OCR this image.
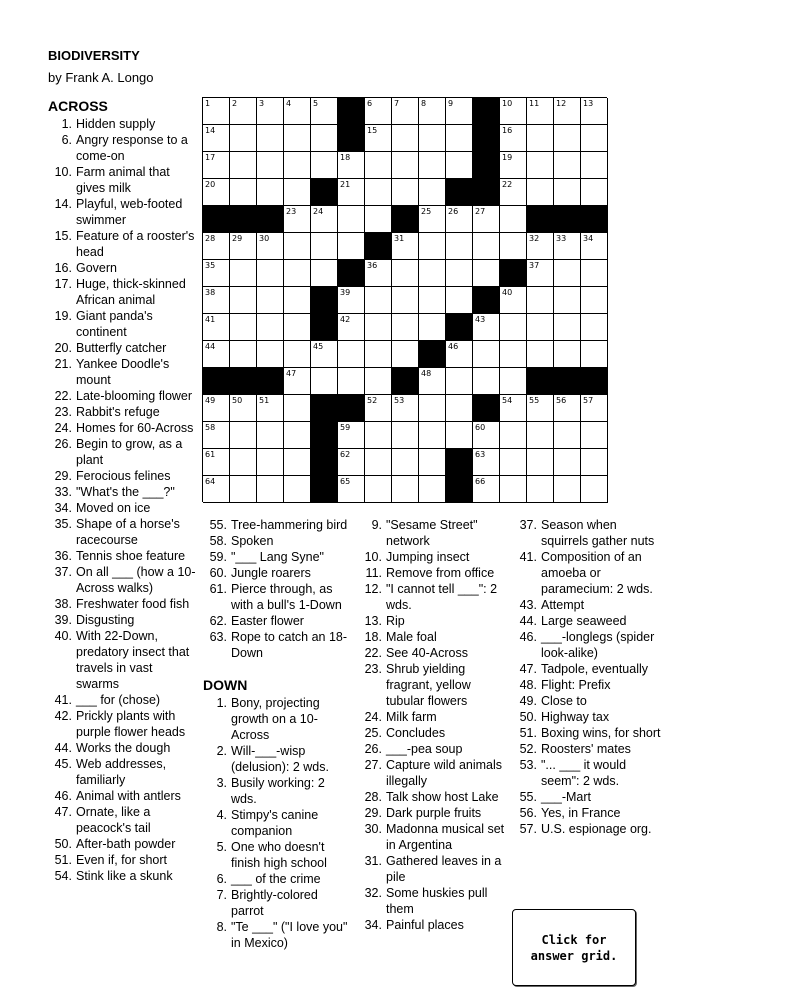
BIODIVERSITY
by Frank A. Longo
ACROSS
1. Hidden supply
6. Angry response to a come-on
10. Farm animal that gives milk
14. Playful, web-footed swimmer
15. Feature of a rooster's head
16. Govern
17. Huge, thick-skinned African animal
19. Giant panda's continent
20. Butterfly catcher
21. Yankee Doodle's mount
22. Late-blooming flower
23. Rabbit's refuge
24. Homes for 60-Across
26. Begin to grow, as a plant
29. Ferocious felines
33. "What's the ___?"
34. Moved on ice
35. Shape of a horse's racecourse
36. Tennis shoe feature
37. On all ___ (how a 10-Across walks)
38. Freshwater food fish
39. Disgusting
40. With 22-Down, predatory insect that travels in vast swarms
41. ___ for (chose)
42. Prickly plants with purple flower heads
44. Works the dough
45. Web addresses, familiarly
46. Animal with antlers
47. Ornate, like a peacock's tail
50. After-bath powder
51. Even if, for short
54. Stink like a skunk
55. Tree-hammering bird
58. Spoken
59. "___ Lang Syne"
60. Jungle roarers
61. Pierce through, as with a bull's 1-Down
62. Easter flower
63. Rope to catch an 18-Down
DOWN
1. Bony, projecting growth on a 10-Across
2. Will-___-wisp (delusion): 2 wds.
3. Busily working: 2 wds.
4. Stimpy's canine companion
5. One who doesn't finish high school
6. ___ of the crime
7. Brightly-colored parrot
8. "Te ___" ("I love you" in Mexico)
9. "Sesame Street" network
10. Jumping insect
11. Remove from office
12. "I cannot tell ___": 2 wds.
13. Rip
18. Male foal
22. See 40-Across
23. Shrub yielding fragrant, yellow tubular flowers
24. Milk farm
25. Concludes
26. ___-pea soup
27. Capture wild animals illegally
28. Talk show host Lake
29. Dark purple fruits
30. Madonna musical set in Argentina
31. Gathered leaves in a pile
32. Some huskies pull them
34. Painful places
37. Season when squirrels gather nuts
41. Composition of an amoeba or paramecium: 2 wds.
43. Attempt
44. Large seaweed
46. ___-longlegs (spider look-alike)
47. Tadpole, eventually
48. Flight: Prefix
49. Close to
50. Highway tax
51. Boxing wins, for short
52. Roosters' mates
53. "... ___ it would seem": 2 wds.
55. ___-Mart
56. Yes, in France
57. U.S. espionage org.
1	2	3	4	5	6	7	8	9	10 11 12 13
14	15	16
17	18	19
20	21	22
23 24	25 26 27
28 29 30	31	32 33 34
35	36	37
38	39	40
41	42	43
44	45	46
47	48
49 50 51	52 53	54 55 56 57
58	59	60
61	62	63
64	65	66
Click for
answer grid.
